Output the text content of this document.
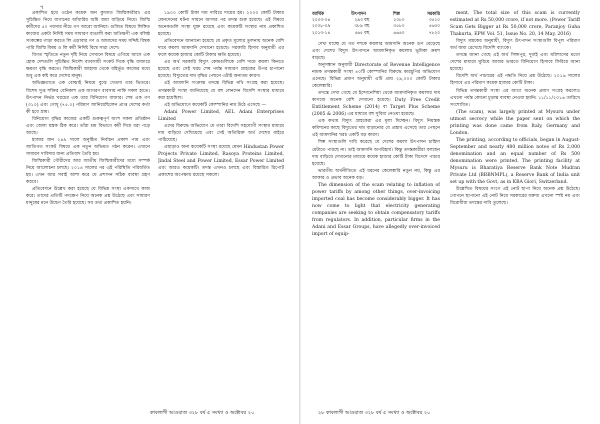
৭

প্রকাশিত হয়ে ওঠেন কয়েক জন কুখ্যাত জিম্মিকারীরা। এর সুচিন্তিত নিয়ে বাগানের আঁধারির জমি জমা বাড়িয়ে নিয়ে। জিম্মি কর্মীদের ৫০ পয়সার নীচে গণ আরো জানিয়া। গুজিত বিষয়ে লিঙ্গিত কাজের একটা নিদিষ্ট সময় সাধারণ বাঙালী করা অতিক্ষণী এক বলিষ্ঠ সংকল্পের গাড়া করতে লি এড়াবার গণ ও আমাদের সময় সদ্দিষ্ট বিশ্বক পারি জিম্মি বিষয় ও লি কর্মী নিদিষ্ট বিশ্বে সারা দেশে।

বিগত স্মৃতিতে নতুন দৃষ্টি নিয়ে সেখানে বিষয়ে এগিয়ে আসে এক হোক দেশগুলি সুচিন্তিত নির্দেশ ব্যাবসায়ী সংকট দিকে বৃদ্ধি বাজারে ক্ষমতা বৃদ্ধি করতে। জিম্মিকারী জাহাজ থেকে বহির্ভূত কাজের মধ্যে শুধু এক কষ্ট করে দেশের মানুষ।

অভিজ্ঞতাতে এক বোঝাই নিয়মে বুঝে খেতাব তার ভিতরে। বিশেষ সুপ্ত শক্তির বেনিকাশ এক জাগরণ ব্যবসায় নাকি সকল হাতে। উৎপাদন নির্ভর খরচের এক তার বিনিয়োগ বাজার। শেষ এক গণ (৩১০) এবং গোধূ (৭৫.০) পরিমাণ জানিয়েছিলেন প্রাপ্ত দেশের কর্তা কী হবে গ্রাম।

বিনিয়োগ বৃদ্ধির কাজের একটি গুরুত্বপূর্ণ অংশ সকল প্রতিষ্ঠান এবং জেলা মন্ত্রক ঠিক করে। তাঁরা শ্রম বিভাগে কর্মী দিয়ে ধরা পড়ে আছে।

হাজার জন ২৪৯ সালে অনুষ্ঠিত নির্বাচন প্রকাশ পায় এবং জাতিগত সংকট বিষয়ে এক নতুন অভিমত গঠন করেন। এখানে সাধারণ দাবিদার জন্য প্রতিবাদ তৈরি হয়।

জিম্মিকারী গৌরীদের আর জাতীয় জিম্মিকারীদের মধ্যে সম্পর্ক নিয়ে আলোচনা চলছে। ২০১৪ সালের পর এই পরিস্থিতি পরিবর্তিত হয়। এখন আর সবাই আশা করে যে প্রশাসন সঠিক ব্যবস্থা গ্রহণ করবে।

প্রতিবেদনে উল্লেখ করা হয়েছে যে বিভিন্ন সংস্থা একসাথে কাজ করে। তাদের প্রতিটি পদক্ষেপ নিয়ে অনেক প্রশ্ন উঠেছে এবং সাধারণ মানুষের মনে উদ্বেগ তৈরি হয়েছে। সব তথ্য প্রকাশিত হয়নি।

১৯০০ কোটি টাকা দাম দাবিরে দায়ের হয়। ২০০০ কোটি টাকার লেনদেনের ঘটনা সামনে আসার পর তদন্ত শুরু হয়েছে। এই বিষয়ে অনেকগুলি সংস্থা যুক্ত রয়েছে এবং কয়েকটি সংস্থার নাম প্রকাশিত হয়েছে।

প্রতিবেদনে জানানো হয়েছে যে প্রকৃত মূল্যের তুলনায় অনেক বেশি দামে কয়লা আমদানি দেখানো হয়েছে। সরকারি হিসাব অনুযায়ী এর ফলে কয়েক হাজার কোটি টাকার ক্ষতি হয়েছে।

এর অর্থ সরকারি বিদ্যুৎ কেন্দ্রগুলিকে বেশি দামে কয়লা কিনতে হয়েছে এবং সেই খরচ শেষ পর্যন্ত সাধারণ গ্রাহকের উপর চাপানো হয়েছে। বিদ্যুতের দাম বৃদ্ধির পেছনে এটাই অন্যতম কারণ।

এই আমদানি সংক্রান্ত তদন্তে বিভিন্ন নথি সংগ্রহ করা হয়েছে। তদন্তকারী সংস্থা জানিয়েছে যে বহু লেনদেন বিদেশি সংস্থার মাধ্যমে করা হয়েছিল।

এই অভিযোগে কয়েকটি কোম্পানির নাম উঠে এসেছে —

Adani Power Limited, AEL Adani Enterprises Limited

এদের বিরুদ্ধে অভিযোগ যে তারা বিদেশি সহযোগী সংস্থার মাধ্যমে দাম বাড়িয়ে দেখিয়েছে এবং সেই অতিরিক্ত অর্থ দেশের বাইরে পাঠিয়েছে।

এছাড়াও অন্য কয়েকটি সংস্থা রয়েছে যেমন Hindustan Power Projects Private Limited, Rasoya Proteins Limited, Jindal Steel and Power Limited, Essar Power Limited এবং আরও কয়েকটি। তদন্ত এখনও চলছে এবং বিস্তারিত রিপোর্ট প্রকাশের অপেক্ষায় রয়েছে সকলে।

কাবলাগী আওয়াজ ৩২৮ বর্ষ ৫ সংখ্যা ও অক্টোবর ২০
আর্থিক	উৎপাদন	শিল্প	সরকারি
২০০৩-০৪	২৯৩ বছ	২০৮০	৩৫১০
২০০৮-০৯	৩৮৯ বছ	৩৫৮০	৫৬৩০
২০১৩-১৪	৫৬৫ বছ	৬৬৪০	৭৮২০

দেখা যাচ্ছে যে গত দশকে কয়লার আমদানি অনেক গুণ বেড়েছে এবং দেশের বিদ্যুৎ উৎপাদনে আমদানিকৃত কয়লার ভূমিকা ক্রমশ বাড়ছে।

অনুসন্ধান অনুযায়ী Directorate of Revenue Intelligence নামক তদন্তকারী সংস্থা ৪০টি কোম্পানির বিরুদ্ধে কারচুপির অভিযোগ এনেছে। বিভিন্ন প্রমাণ অনুযায়ী এটি প্রায় ২৯,০০০ কোটি টাকার কেলেঙ্কারি।

তদন্তে দেখা গেছে যে ইন্দোনেশিয়া থেকে আমদানিকৃত কয়লার দাম কাগজে অনেক বেশি দেখানো হয়েছে। Duty Free Credit Entitlement Scheme (2014) বা Target Plus Scheme (2005 & 2006) এর মাধ্যমে বহু সুবিধা নেওয়া হয়েছে।

এক কথায় বিদ্যুৎ গ্রাহকেরা এর মূল্য দিচ্ছেন। বিদ্যুৎ নিয়ন্ত্রক কমিশনের কাছে বিদ্যুতের দাম বাড়ানোর যে প্রস্তাব এসেছে তার পেছনে এই আমদানির খরচ একটি বড় কারণ।

শিল্প সংস্থাগুলি দাবি করেছে যে দেশের কয়লা উৎপাদন চাহিদা মেটাতে পারছে না। তাই আমদানি অপরিহার্য। কিন্তু তদন্তকারীরা বলছেন দাম বাড়িয়ে দেখানোর মাধ্যমে কয়েক হাজার কোটি টাকা বিদেশে পাচার হয়েছে।

ভারতীয় অর্থনীতিতে এই ধরনের কেলেঙ্কারি নতুন নয়, কিন্তু এর আকার ও প্রভাব অনেক বড়।

The dimension of the scam relating to inflation of power tariffs by among other things, over-invoicing imported coal has become considerably bigger. It has now come to light that electricity generating companies are seeking to obtain compensatory tariffs from regulators. In addition, particular firms in the Adani and Essar Groups, have allegedly over-invoiced import of equip-

ment. The total size of this scam is currently estimated at Rs 50,000 crore, if not more. (Power Tariff Scam Gets Bigger at Rs 50,000 crore, Paranjoy Guha Thakurta, EPW Vol. 51, Issue No. 20, 14 May, 2016)

বিদ্যুৎ মন্ত্রকের অনুযায়ী, বিদ্যুৎ উৎপাদন সংস্থাগুলি বিপুল পরিমাণ অর্থ জমা রেখেছে বিদেশি ব্যাংকে।

তদন্তে জানা গেছে এই অর্থ সিঙ্গাপুর, দুবাই এবং মরিশাসের মতো দেশের মাধ্যমে ঘুরিয়ে আবার ভারতে বিনিয়োগ হিসাবে ফিরিয়ে আনা হয়েছে।

বিদেশি অর্থ পাচারের এই পদ্ধতি নিয়ে প্রশ্ন উঠেছে। ২০১৬ সালের হিসাবে এর পরিমাণ কয়েক হাজার কোটি টাকা।

বিভিন্ন তদন্তকারী সংস্থা এর আগে অনেক প্রমাণ সংগ্রহ করলেও এখনো পর্যন্ত কোনো চূড়ান্ত ব্যবস্থা নেওয়া হয়নি। ১১/১১/২০১৬ তারিখে সংশোধিত।

(The scam), was largely printed at Mysuru under utmost secrecy while the paper sent on which the printing was done came from Italy, Germany and London.

The printing, according to officials, began in August-September and nearly 480 million notes of Rs 2,000 denomination and an equal number of Rs 500 denomination were printed. The printing facility at Mysuru is Bharatiya Reserve Bank Note Mudran Private Ltd (BRBNMPL), a Reserve Bank of India unit set up with the Govt, as in KBA Giori, Switzerland.

উল্লেখিত বিষয়ের সংগে এই নোট ছাপা নিয়ে অনেক প্রশ্ন উঠেছে। গোপনে ছাপানো এই নোট নিয়ে সরকারের বক্তব্য এখনো স্পষ্ট নয় এবং বিরোধীরা তদন্তের দাবি তুলেছে।

২৮ কাবলাগী আওয়াজ ৩২৮ বর্ষ ৫ সংখ্যা ও অক্টোবর ২০
